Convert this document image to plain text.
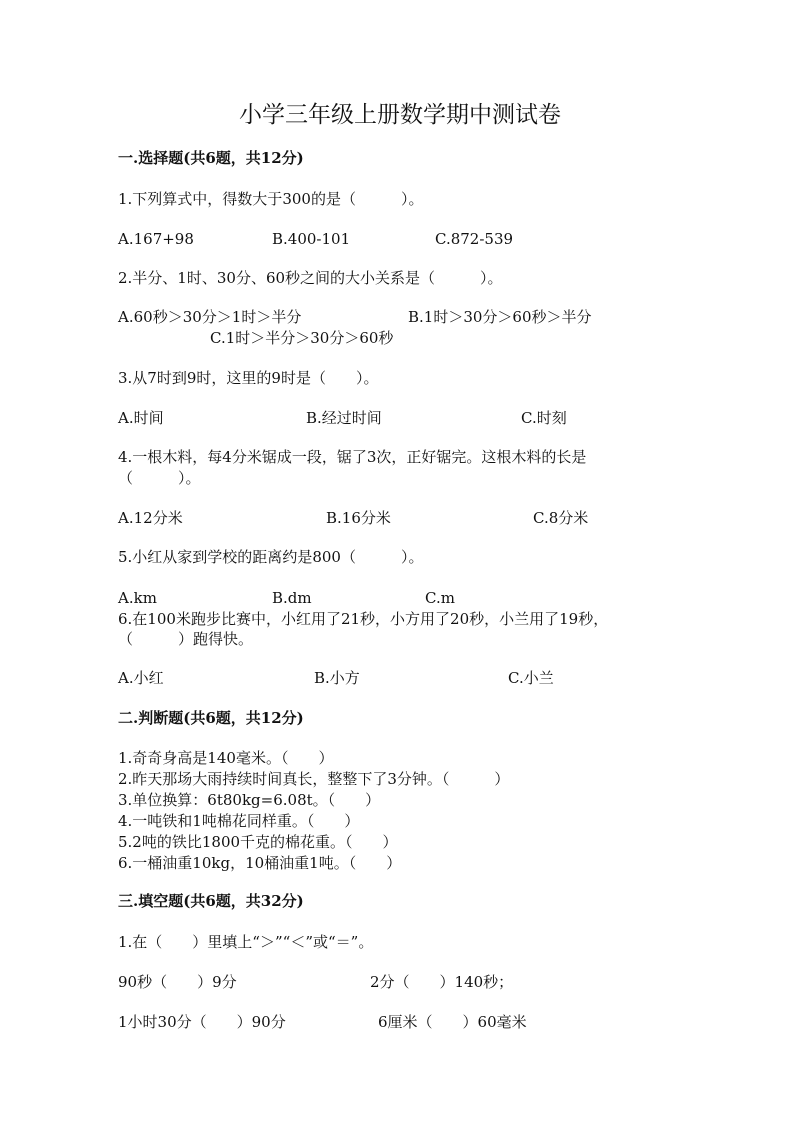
小学三年级上册数学期中测试卷
一.选择题(共6题，共12分)
1.下列算式中，得数大于300的是（　　　）。
A.167+98	B.400-101	C.872-539
2.半分、1时、30分、60秒之间的大小关系是（　　　）。
A.60秒＞30分＞1时＞半分	B.1时＞30分＞60秒＞半分
C.1时＞半分＞30分＞60秒
3.从7时到9时，这里的9时是（　　）。
A.时间	B.经过时间	C.时刻
4.一根木料，每4分米锯成一段，锯了3次，正好锯完。这根木料的长是
（　　　）。
A.12分米	B.16分米	C.8分米
5.小红从家到学校的距离约是800（　　　）。
A.km	B.dm	C.m
6.在100米跑步比赛中，小红用了21秒，小方用了20秒，小兰用了19秒，
（　　　）跑得快。
A.小红	B.小方	C.小兰
二.判断题(共6题，共12分)
1.奇奇身高是140毫米。（　　）
2.昨天那场大雨持续时间真长，整整下了3分钟。（　　　）
3.单位换算：6t80kg=6.08t。（　　）
4.一吨铁和1吨棉花同样重。（　　）
5.2吨的铁比1800千克的棉花重。（　　）
6.一桶油重10kg，10桶油重1吨。（　　）
三.填空题(共6题，共32分)
1.在（　　）里填上“＞”“＜”或“＝”。
90秒（　　）9分	2分（　　）140秒；
1小时30分（　　）90分	6厘米（　　）60毫米
